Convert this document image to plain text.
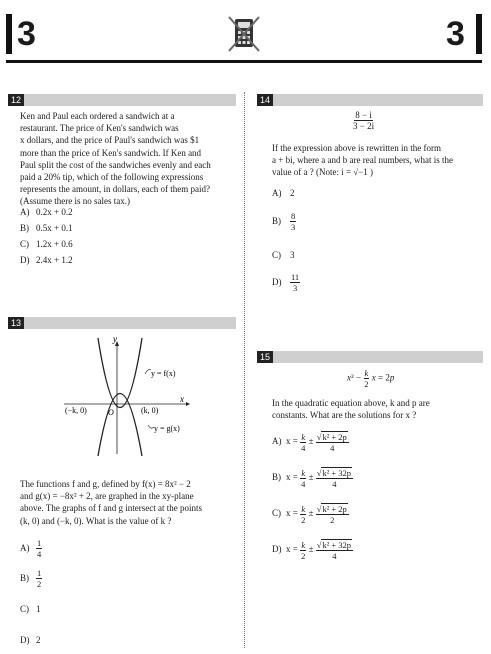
3	3
12
Ken and Paul each ordered a sandwich at a
restaurant. The price of Ken's sandwich was
x dollars, and the price of Paul's sandwich was $1
more than the price of Ken's sandwich. If Ken and
Paul split the cost of the sandwiches evenly and each
paid a 20% tip, which of the following expressions
represents the amount, in dollars, each of them paid?
(Assume there is no sales tax.)
A) 0.2x + 0.2
B) 0.5x + 0.1
C) 1.2x + 0.6
D) 2.4x + 1.2
13
x
y
O
y = f(x)
y = g(x)
(−k, 0)	(k, 0)
The functions f and g, defined by f(x) = 8x² − 2
and g(x) = −8x² + 2, are graphed in the xy-plane
above. The graphs of f and g intersect at the points
(k, 0) and (−k, 0). What is the value of k ?
$A) \frac{1}{4}$
$B) \frac{1}{2}$
C) 1
D) 2
14
$\frac{8 - i}{3 - 2i}$
If the expression above is rewritten in the form
a + bi, where a and b are real numbers, what is the
value of a ? (Note: i = √−1 )
A) 2
$B) \frac{8}{3}$
C) 3
$D) \frac{11}{3}$
15
$x^2 - \frac{k}{2}$ x = 2p
In the quadratic equation above, k and p are
constants. What are the solutions for x ?
A) $x = \frac{k}{4} \pm \frac{\text{√k² + 2p}}{4}$
B) $x = \frac{k}{4} \pm \frac{\text{√k² + 32p}}{4}$
C) $x = \frac{k}{2} \pm \frac{\text{√k² + 2p}}{2}$
D) $x = \frac{k}{2} \pm \frac{\text{√k² + 32p}}{4}$
